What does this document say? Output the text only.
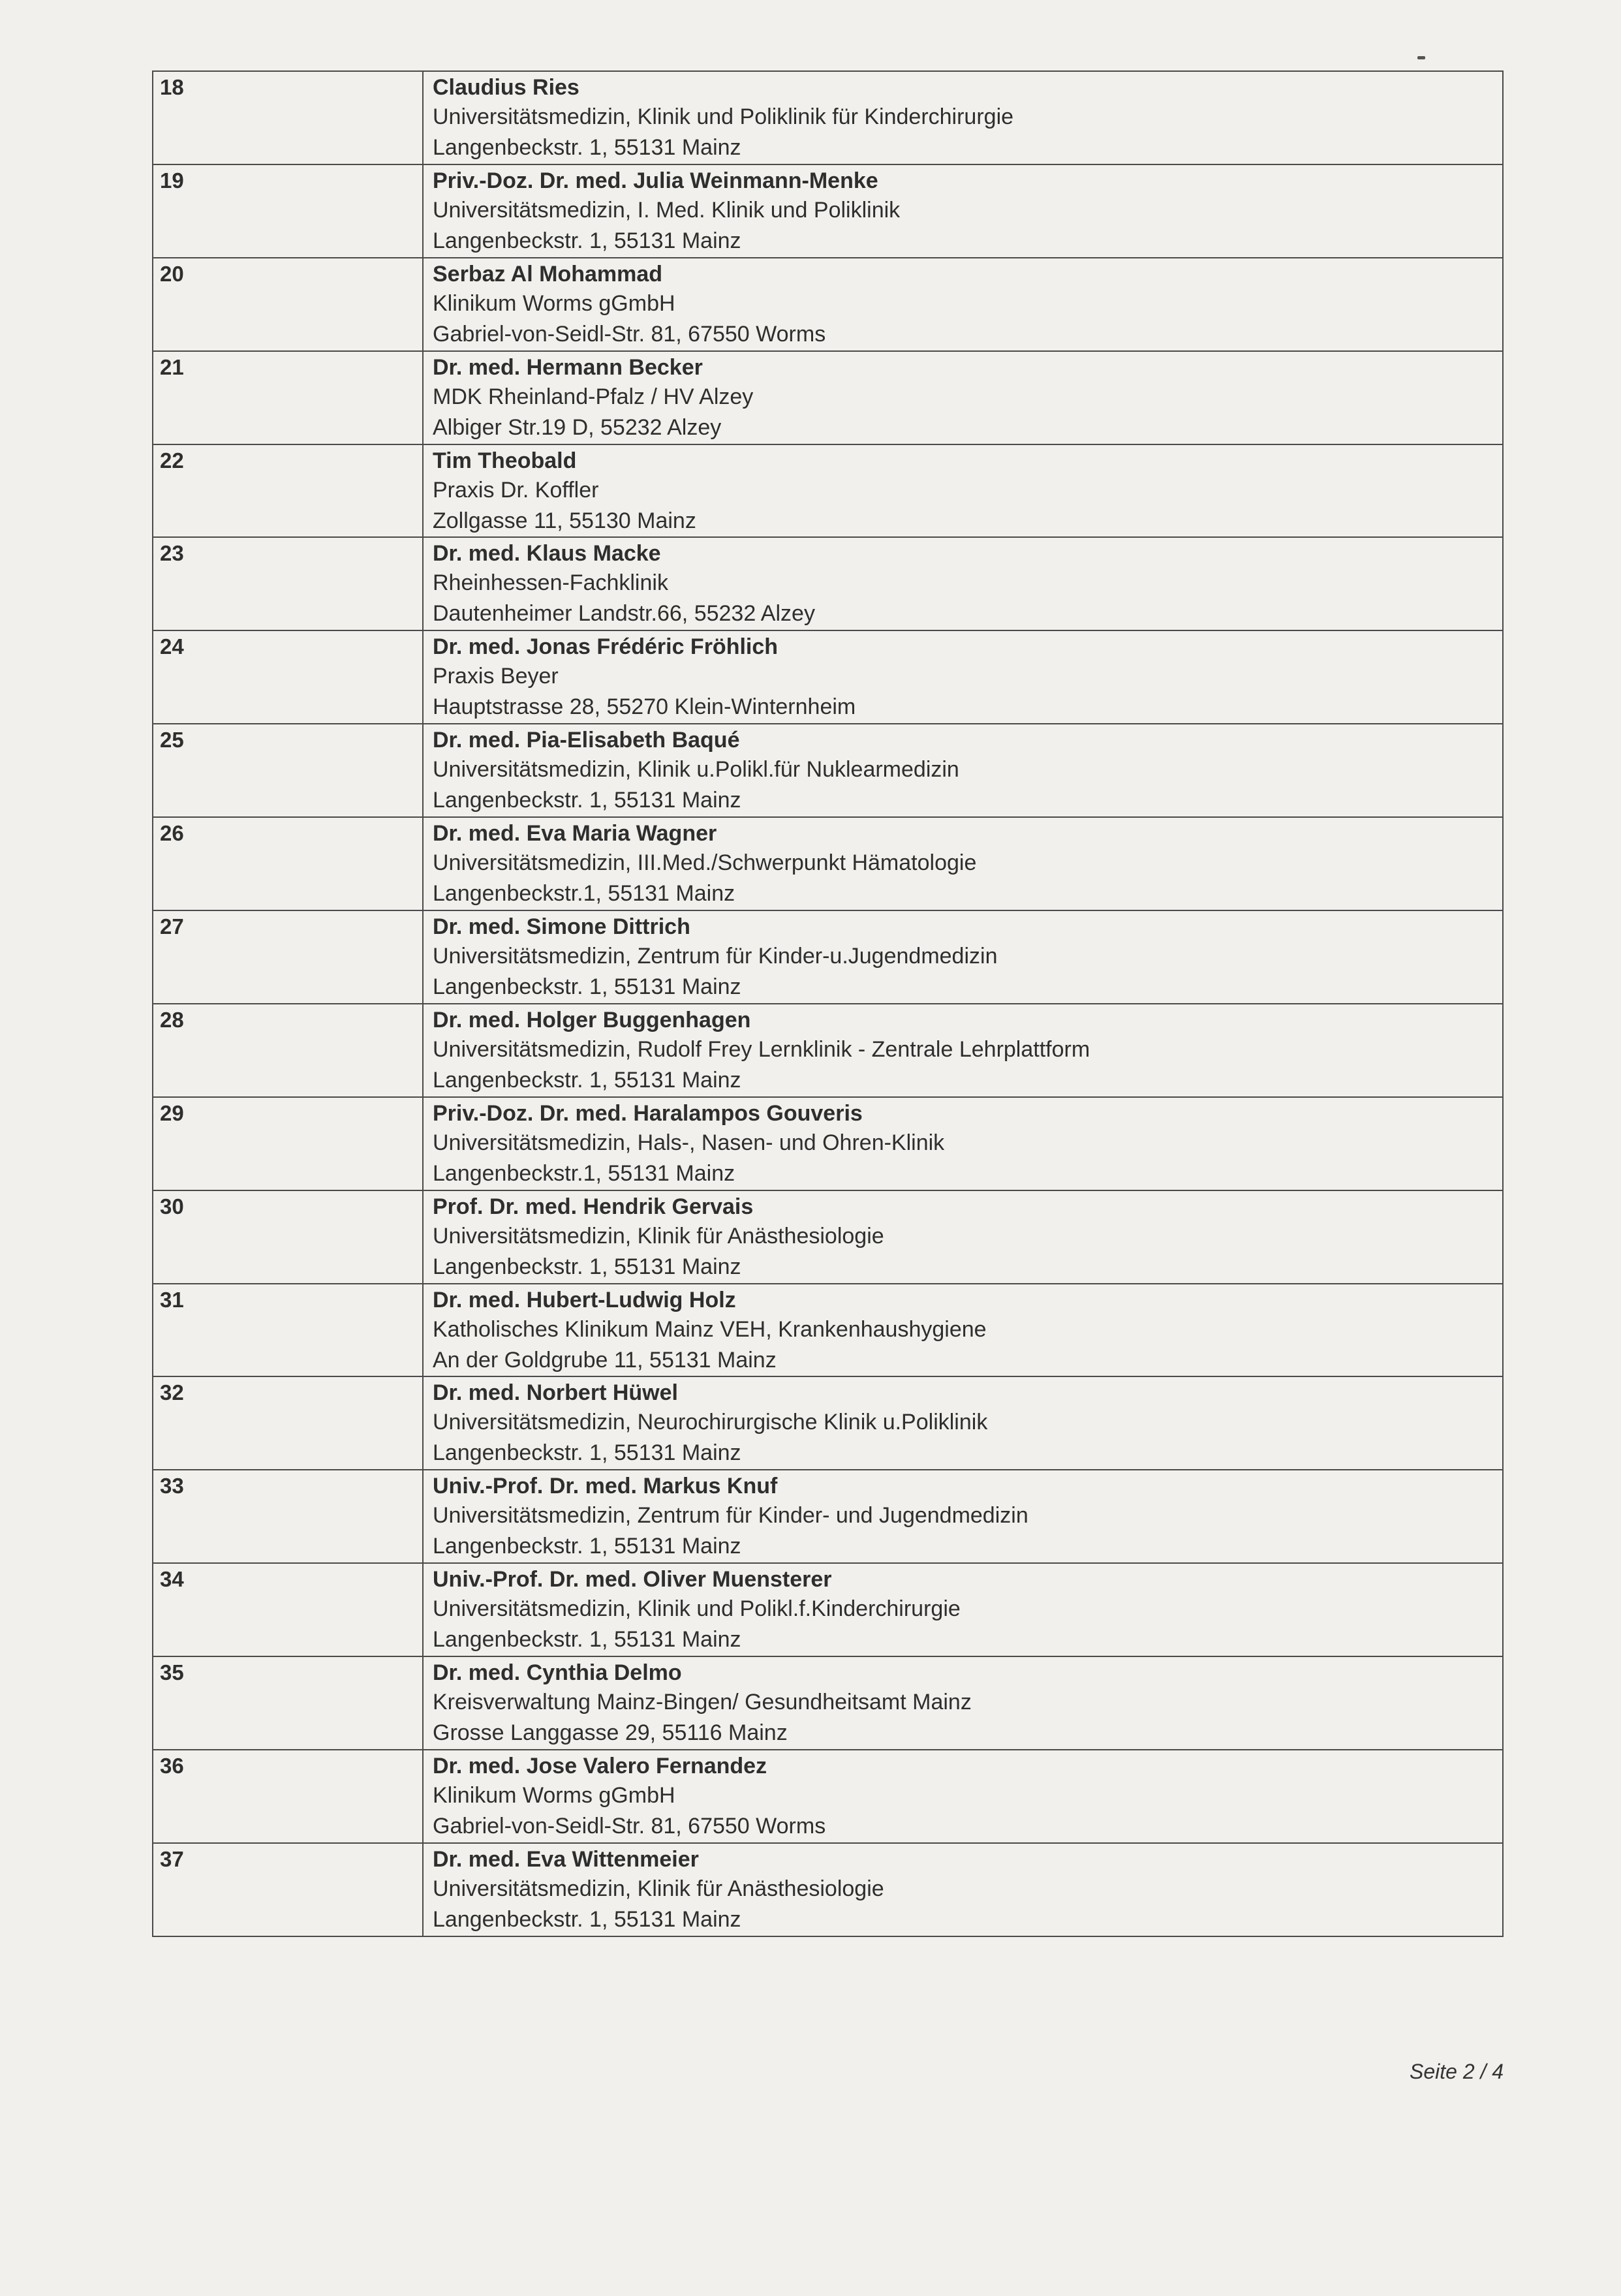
18	Claudius Ries
Universitätsmedizin, Klinik und Poliklinik für Kinderchirurgie
Langenbeckstr. 1, 55131 Mainz

19	Priv.-Doz. Dr. med. Julia Weinmann-Menke
Universitätsmedizin, I. Med. Klinik und Poliklinik
Langenbeckstr. 1, 55131 Mainz

20	Serbaz Al Mohammad
Klinikum Worms gGmbH
Gabriel-von-Seidl-Str. 81, 67550 Worms

21	Dr. med. Hermann Becker
MDK Rheinland-Pfalz / HV Alzey
Albiger Str.19 D, 55232 Alzey

22	Tim Theobald
Praxis Dr. Koffler
Zollgasse 11, 55130 Mainz

23	Dr. med. Klaus Macke
Rheinhessen-Fachklinik
Dautenheimer Landstr.66, 55232 Alzey

24	Dr. med. Jonas Frédéric Fröhlich
Praxis Beyer
Hauptstrasse 28, 55270 Klein-Winternheim

25	Dr. med. Pia-Elisabeth Baqué
Universitätsmedizin, Klinik u.Polikl.für Nuklearmedizin
Langenbeckstr. 1, 55131 Mainz

26	Dr. med. Eva Maria Wagner
Universitätsmedizin, III.Med./Schwerpunkt Hämatologie
Langenbeckstr.1, 55131 Mainz

27	Dr. med. Simone Dittrich
Universitätsmedizin, Zentrum für Kinder-u.Jugendmedizin
Langenbeckstr. 1, 55131 Mainz

28	Dr. med. Holger Buggenhagen
Universitätsmedizin, Rudolf Frey Lernklinik - Zentrale Lehrplattform
Langenbeckstr. 1, 55131 Mainz

29	Priv.-Doz. Dr. med. Haralampos Gouveris
Universitätsmedizin, Hals-, Nasen- und Ohren-Klinik
Langenbeckstr.1, 55131 Mainz

30	Prof. Dr. med. Hendrik Gervais
Universitätsmedizin, Klinik für Anästhesiologie
Langenbeckstr. 1, 55131 Mainz

31	Dr. med. Hubert-Ludwig Holz
Katholisches Klinikum Mainz VEH, Krankenhaushygiene
An der Goldgrube 11, 55131 Mainz

32	Dr. med. Norbert Hüwel
Universitätsmedizin, Neurochirurgische Klinik u.Poliklinik
Langenbeckstr. 1, 55131 Mainz

33	Univ.-Prof. Dr. med. Markus Knuf
Universitätsmedizin, Zentrum für Kinder- und Jugendmedizin
Langenbeckstr. 1, 55131 Mainz

34	Univ.-Prof. Dr. med. Oliver Muensterer
Universitätsmedizin, Klinik und Polikl.f.Kinderchirurgie
Langenbeckstr. 1, 55131 Mainz

35	Dr. med. Cynthia Delmo
Kreisverwaltung Mainz-Bingen/ Gesundheitsamt Mainz
Grosse Langgasse 29, 55116 Mainz

36	Dr. med. Jose Valero Fernandez
Klinikum Worms gGmbH
Gabriel-von-Seidl-Str. 81, 67550 Worms

37	Dr. med. Eva Wittenmeier
Universitätsmedizin, Klinik für Anästhesiologie
Langenbeckstr. 1, 55131 Mainz
Seite 2 / 4
